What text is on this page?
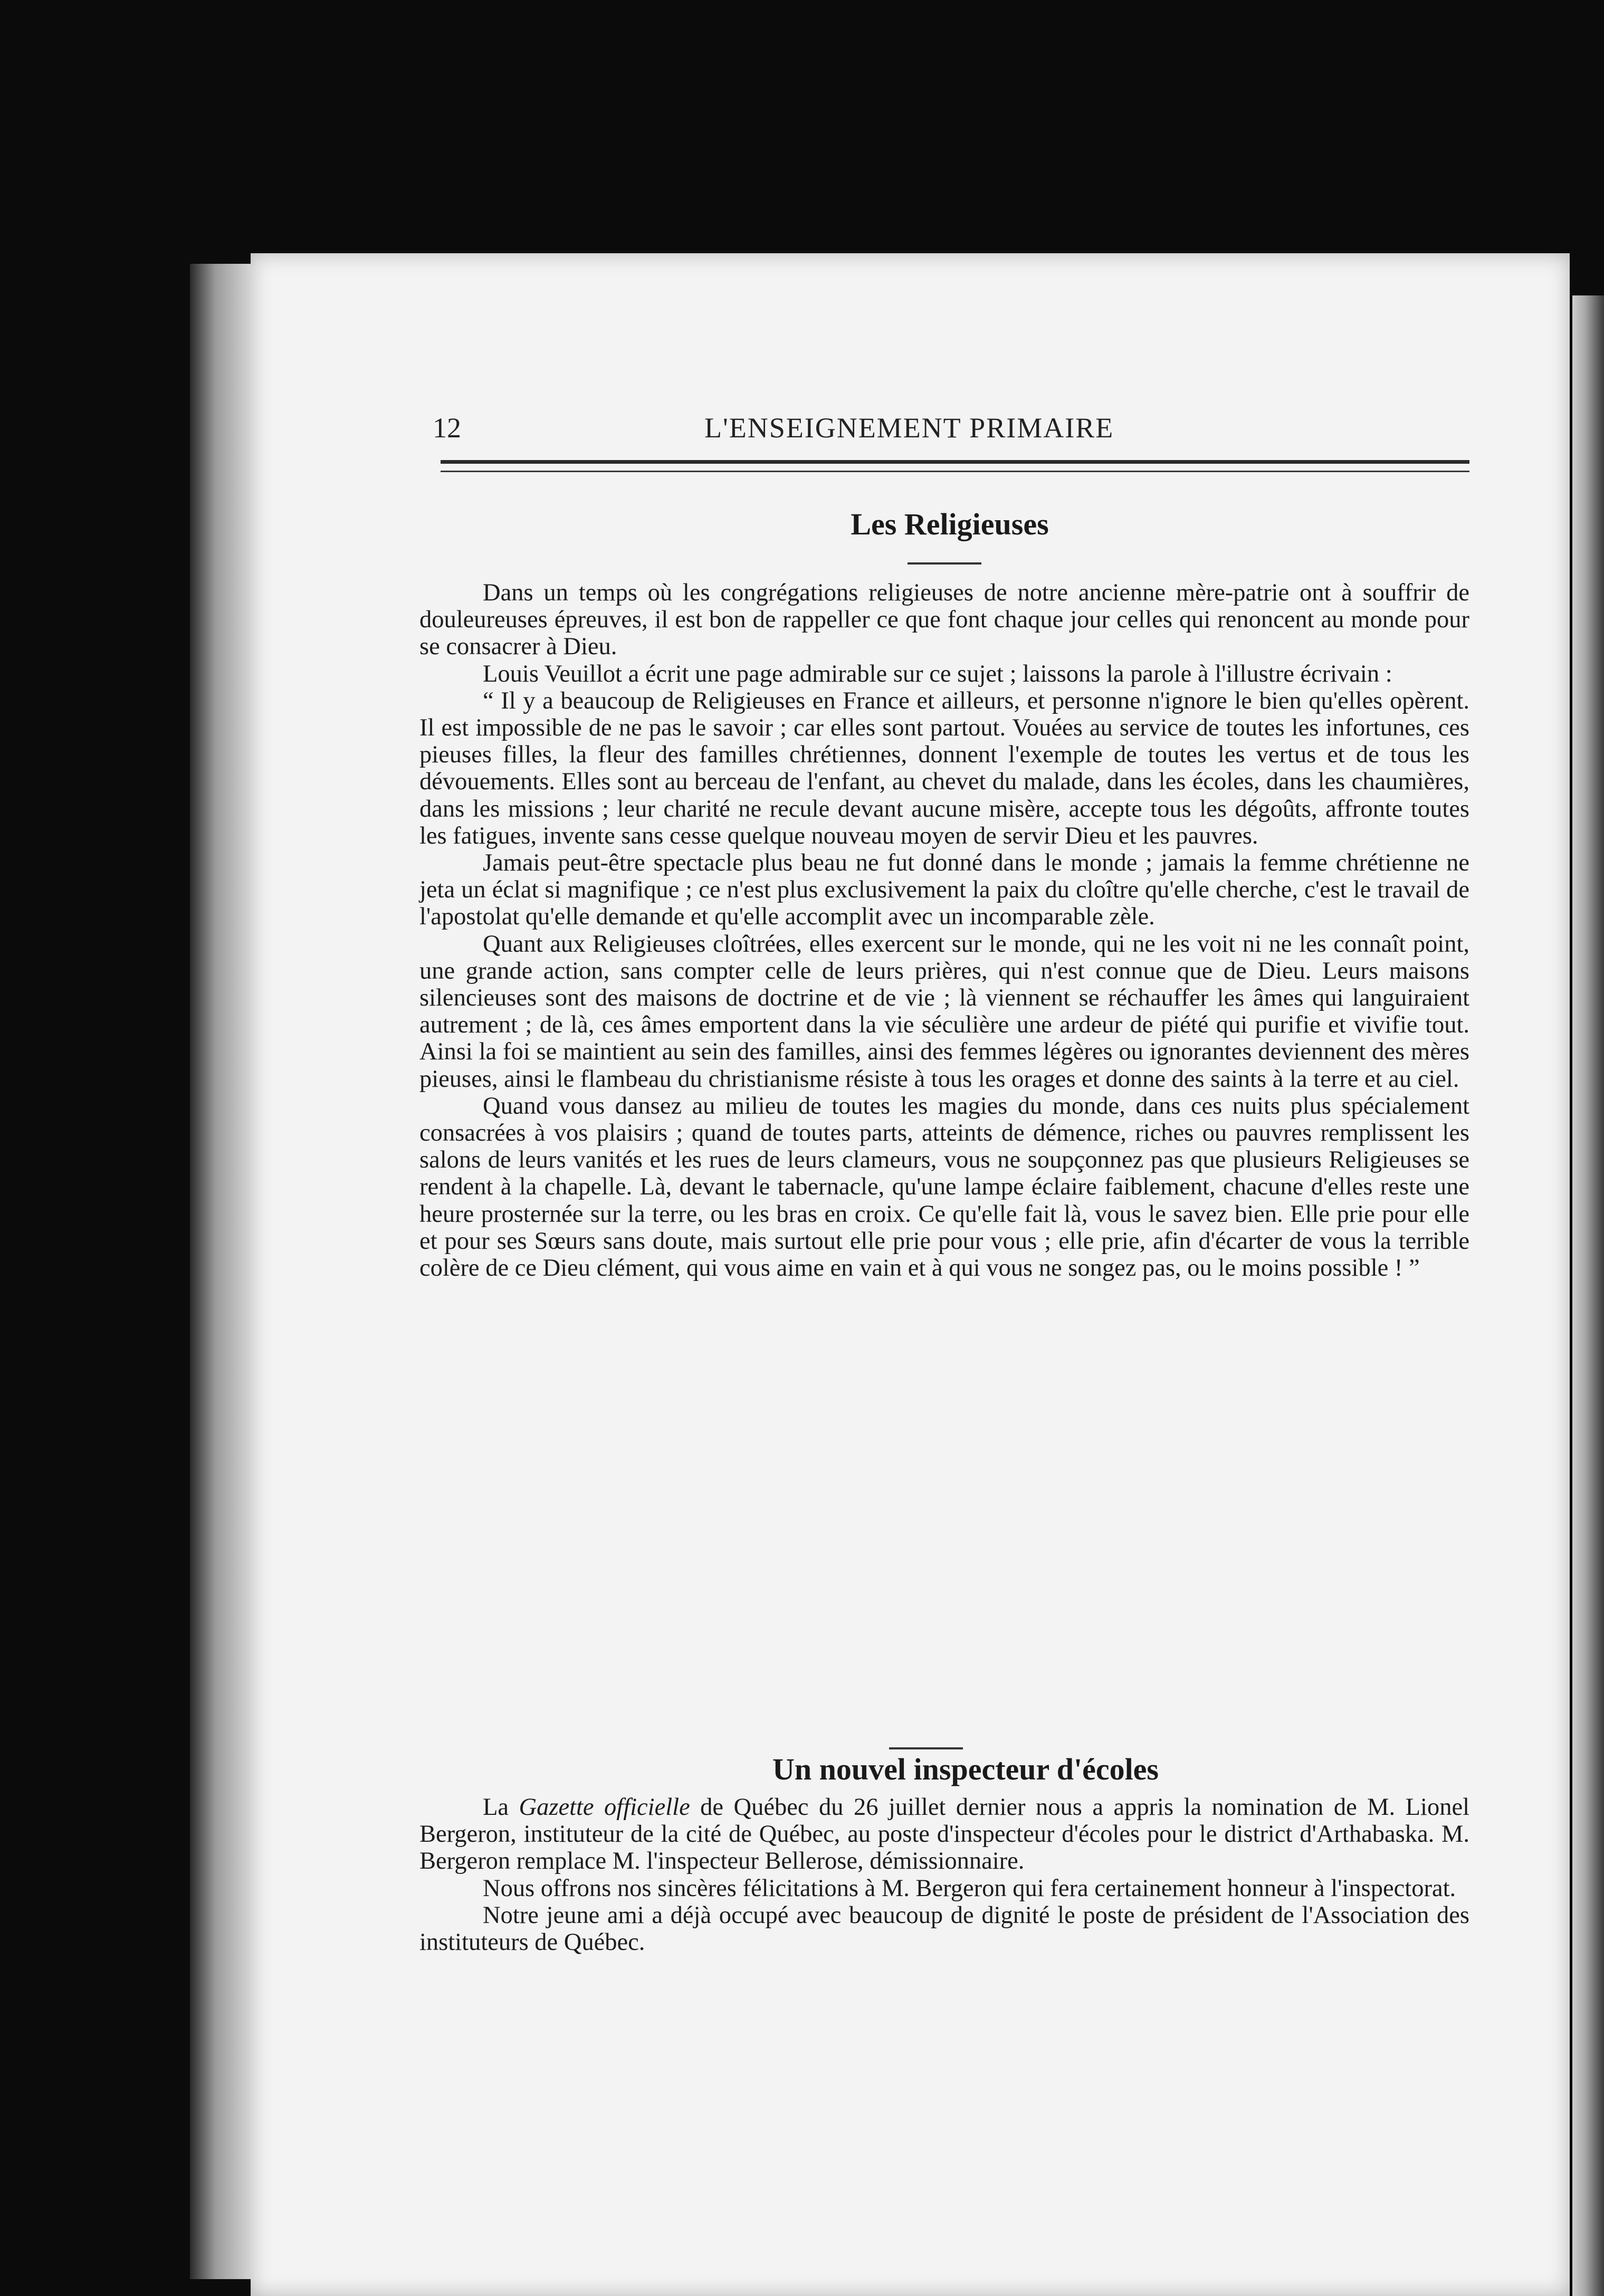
12	L'ENSEIGNEMENT PRIMAIRE
Les Religieuses

Dans un temps où les congrégations religieuses de notre ancienne mère-patrie ont à souffrir de douleureuses épreuves, il est bon de rappeller ce que font chaque jour celles qui renoncent au monde pour se consacrer à Dieu.

Louis Veuillot a écrit une page admirable sur ce sujet ; laissons la parole à l'illustre écrivain :

“ Il y a beaucoup de Religieuses en France et ailleurs, et personne n'ignore le bien qu'elles opèrent. Il est impossible de ne pas le savoir ; car elles sont partout. Vouées au service de toutes les infortunes, ces pieuses filles, la fleur des familles chrétiennes, donnent l'exemple de toutes les vertus et de tous les dévouements. Elles sont au berceau de l'enfant, au chevet du malade, dans les écoles, dans les chaumières, dans les missions ; leur charité ne recule devant aucune misère, accepte tous les dégoûts, affronte toutes les fatigues, invente sans cesse quelque nouveau moyen de servir Dieu et les pauvres.

Jamais peut-être spectacle plus beau ne fut donné dans le monde ; jamais la femme chrétienne ne jeta un éclat si magnifique ; ce n'est plus exclusivement la paix du cloître qu'elle cherche, c'est le travail de l'apostolat qu'elle demande et qu'elle accomplit avec un incomparable zèle.

Quant aux Religieuses cloîtrées, elles exercent sur le monde, qui ne les voit ni ne les connaît point, une grande action, sans compter celle de leurs prières, qui n'est connue que de Dieu. Leurs maisons silencieuses sont des maisons de doctrine et de vie ; là viennent se réchauffer les âmes qui languiraient autrement ; de là, ces âmes emportent dans la vie séculière une ardeur de piété qui purifie et vivifie tout. Ainsi la foi se maintient au sein des familles, ainsi des femmes légères ou ignorantes deviennent des mères pieuses, ainsi le flambeau du christianisme résiste à tous les orages et donne des saints à la terre et au ciel.

Quand vous dansez au milieu de toutes les magies du monde, dans ces nuits plus spécialement consacrées à vos plaisirs ; quand de toutes parts, atteints de démence, riches ou pauvres remplissent les salons de leurs vanités et les rues de leurs clameurs, vous ne soupçonnez pas que plusieurs Religieuses se rendent à la chapelle. Là, devant le tabernacle, qu'une lampe éclaire faiblement, chacune d'elles reste une heure prosternée sur la terre, ou les bras en croix. Ce qu'elle fait là, vous le savez bien. Elle prie pour elle et pour ses Sœurs sans doute, mais surtout elle prie pour vous ; elle prie, afin d'écarter de vous la terrible colère de ce Dieu clément, qui vous aime en vain et à qui vous ne songez pas, ou le moins possible ! ”

Un nouvel inspecteur d'écoles

La Gazette officielle de Québec du 26 juillet dernier nous a appris la nomination de M. Lionel Bergeron, instituteur de la cité de Québec, au poste d'inspecteur d'écoles pour le district d'Arthabaska. M. Bergeron remplace M. l'inspecteur Bellerose, démissionnaire.

Nous offrons nos sincères félicitations à M. Bergeron qui fera certainement honneur à l'inspectorat.

Notre jeune ami a déjà occupé avec beaucoup de dignité le poste de président de l'Association des instituteurs de Québec.
